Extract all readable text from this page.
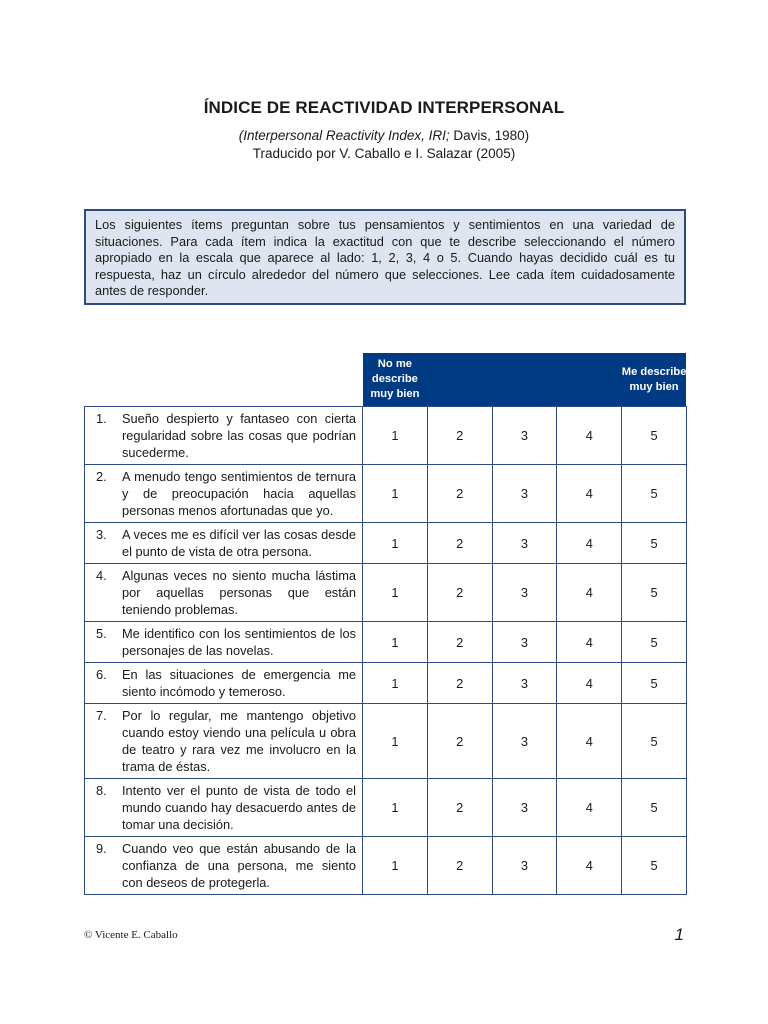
ÍNDICE DE REACTIVIDAD INTERPERSONAL
(Interpersonal Reactivity Index, IRI; Davis, 1980)
Traducido por V. Caballo e I. Salazar (2005)
Los siguientes ítems preguntan sobre tus pensamientos y sentimientos en una variedad de situaciones. Para cada ítem indica la exactitud con que te describe seleccionando el número apropiado en la escala que aparece al lado: 1, 2, 3, 4 o 5. Cuando hayas decidido cuál es tu respuesta, haz un círculo alrededor del número que selecciones. Lee cada ítem cuidadosamente antes de responder.
	No me describe muy bien				Me describe muy bien

1. Sueño despierto y fantaseo con cierta regularidad sobre las cosas que podrían sucederme.	1	2	3	4	5

2. A menudo tengo sentimientos de ternura y de preocupación hacia aquellas personas menos afortunadas que yo.	1	2	3	4	5

3. A veces me es difícil ver las cosas desde el punto de vista de otra persona.	1	2	3	4	5

4. Algunas veces no siento mucha lástima por aquellas personas que están teniendo problemas.	1	2	3	4	5

5. Me identifico con los sentimientos de los personajes de las novelas.	1	2	3	4	5

6. En las situaciones de emergencia me siento incómodo y temeroso.	1	2	3	4	5

7. Por lo regular, me mantengo objetivo cuando estoy viendo una película u obra de teatro y rara vez me involucro en la trama de éstas.	1	2	3	4	5

8. Intento ver el punto de vista de todo el mundo cuando hay desacuerdo antes de tomar una decisión.	1	2	3	4	5

9. Cuando veo que están abusando de la confianza de una persona, me siento con deseos de protegerla.	1	2	3	4	5
© Vicente E. Caballo	1
